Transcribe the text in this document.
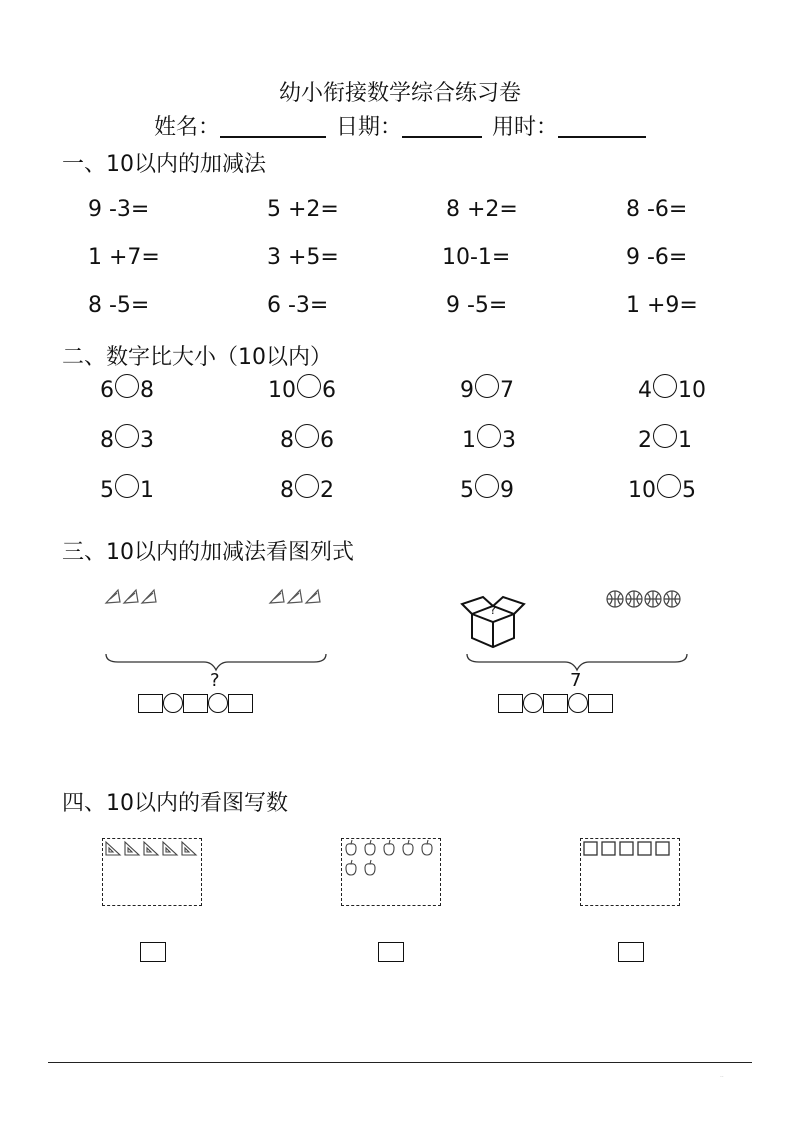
幼小衔接数学综合练习卷
姓名：	日期：	用时：
一、10以内的加减法
9 -3=	5 +2=	8 +2=	8 -6=
1 +7=	3 +5=	10-1=	9 -6=
8 -5=	6 -3=	9 -5=	1 +9=
二、数字比大小（10以内）
6 8	10 6	9 7	4 10
8 3	8 6	1 3	2 1
5 1	8 2	5 9	10 5
三、10以内的加减法看图列式
?
?
7
四、10以内的看图写数
··
